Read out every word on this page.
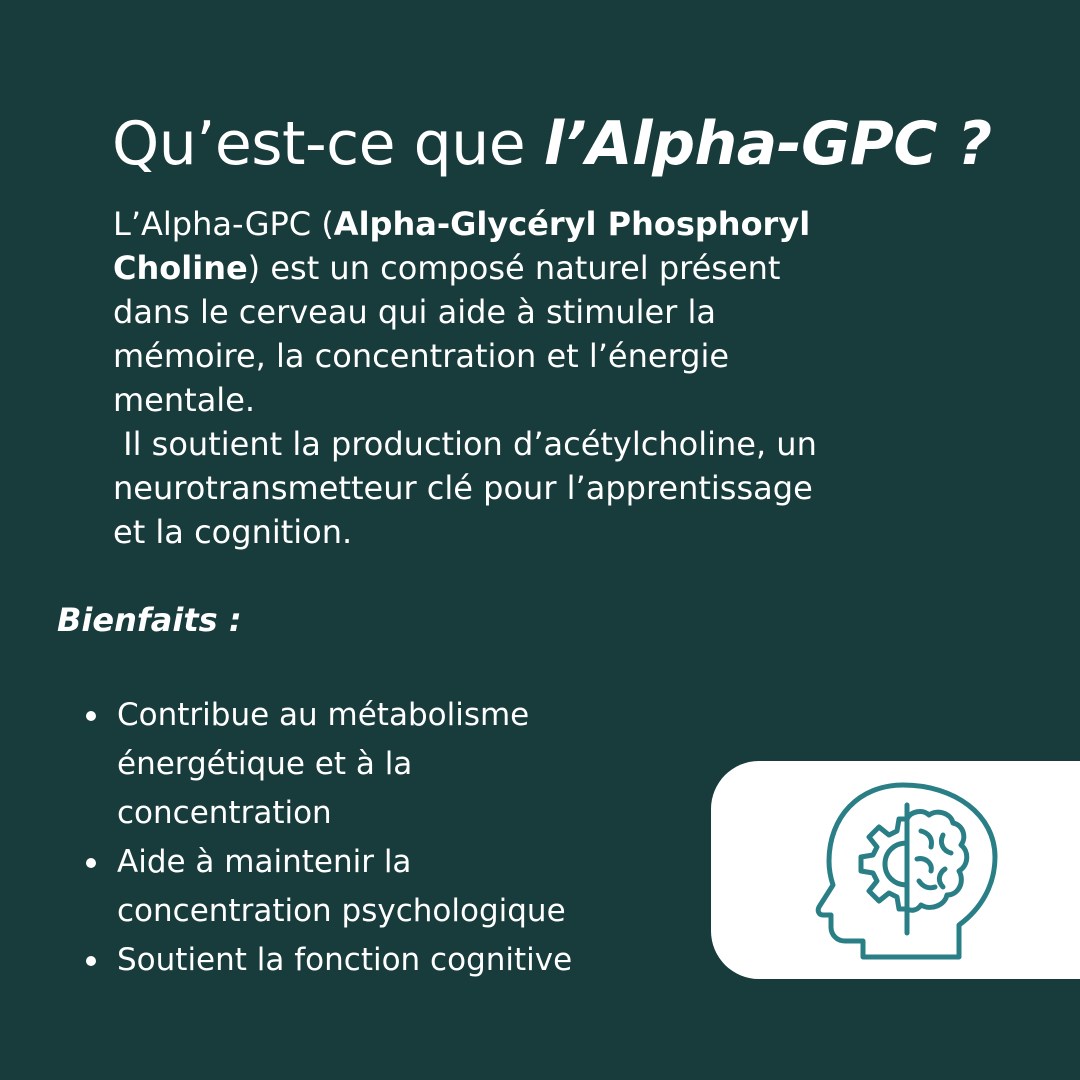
Qu’est-ce que l’Alpha-GPC ?

L’Alpha-GPC (Alpha-Glycéryl Phosphoryl
Choline) est un composé naturel présent
dans le cerveau qui aide à stimuler la
mémoire, la concentration et l’énergie
mentale.
Il soutient la production d’acétylcholine, un
neurotransmetteur clé pour l’apprentissage
et la cognition.

Bienfaits :
Contribue au métabolisme
énergétique et à la
concentration
Aide à maintenir la
concentration psychologique
Soutient la fonction cognitive
